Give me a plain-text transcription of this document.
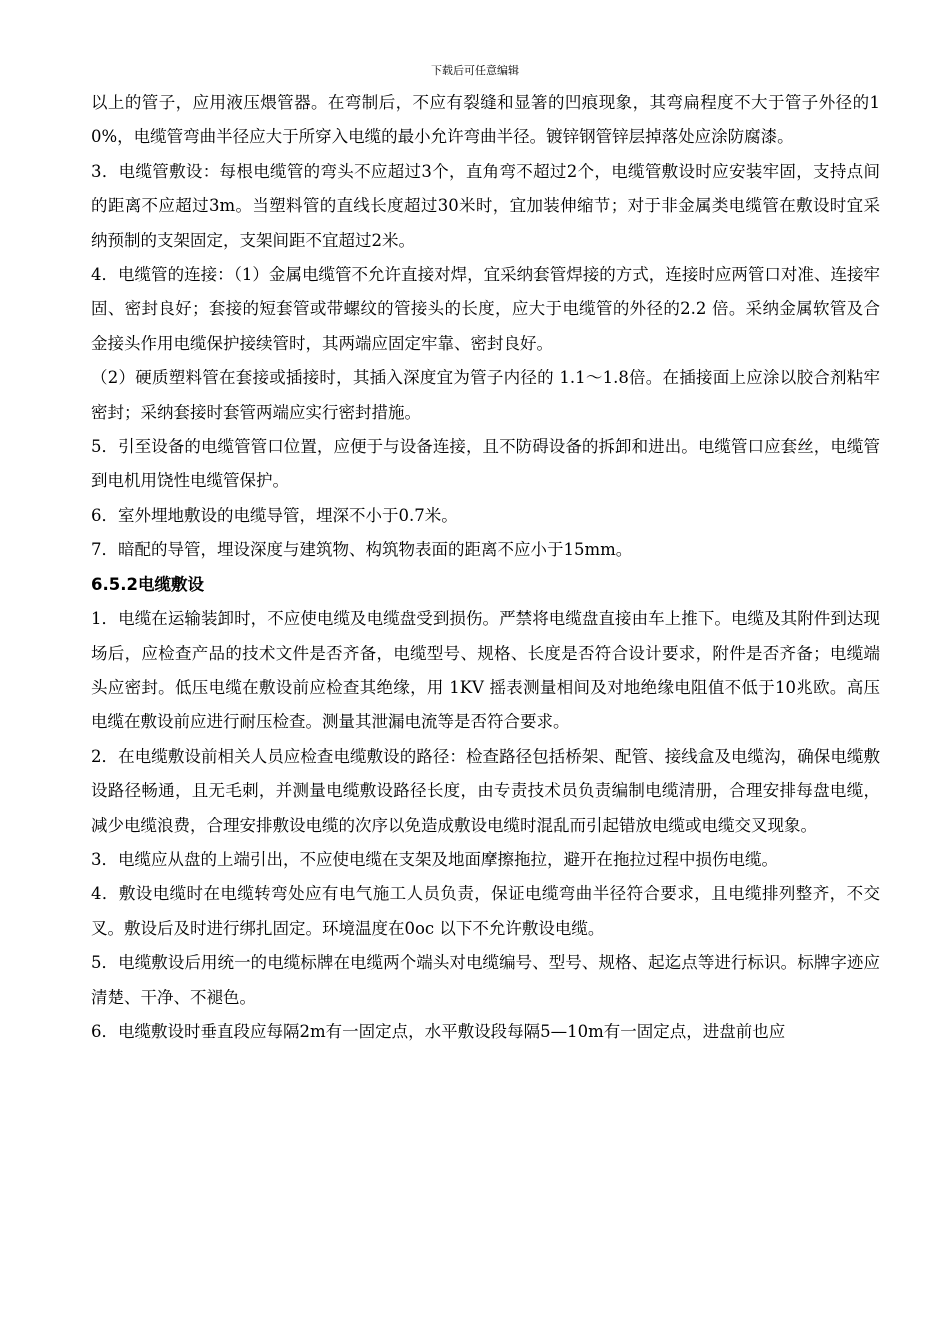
下载后可任意编辑

以上的管子，应用液压煨管器。在弯制后，不应有裂缝和显箸的凹痕现象，其弯扁程度不大于管子外径的10%，电缆管弯曲半径应大于所穿入电缆的最小允许弯曲半径。镀锌钢管锌层掉落处应涂防腐漆。

3．电缆管敷设：每根电缆管的弯头不应超过3个，直角弯不超过2个，电缆管敷设时应安装牢固，支持点间的距离不应超过3m。当塑料管的直线长度超过30米时，宜加装伸缩节；对于非金属类电缆管在敷设时宜采纳预制的支架固定，支架间距不宜超过2米。

4．电缆管的连接：（1）金属电缆管不允许直接对焊，宜采纳套管焊接的方式，连接时应两管口对准、连接牢固、密封良好；套接的短套管或带螺纹的管接头的长度，应大于电缆管的外径的2.2 倍。采纳金属软管及合金接头作用电缆保护接续管时，其两端应固定牢靠、密封良好。

（2）硬质塑料管在套接或插接时，其插入深度宜为管子内径的 1.1～1.8倍。在插接面上应涂以胶合剂粘牢密封；采纳套接时套管两端应实行密封措施。

5．引至设备的电缆管管口位置，应便于与设备连接，且不防碍设备的拆卸和进出。电缆管口应套丝，电缆管到电机用饶性电缆管保护。

6．室外埋地敷设的电缆导管，埋深不小于0.7米。

7．暗配的导管，埋设深度与建筑物、构筑物表面的距离不应小于15mm。

6.5.2电缆敷设

1．电缆在运输装卸时，不应使电缆及电缆盘受到损伤。严禁将电缆盘直接由车上推下。电缆及其附件到达现场后，应检查产品的技术文件是否齐备，电缆型号、规格、长度是否符合设计要求，附件是否齐备；电缆端头应密封。低压电缆在敷设前应检查其绝缘，用 1KV 摇表测量相间及对地绝缘电阻值不低于10兆欧。高压电缆在敷设前应进行耐压检查。测量其泄漏电流等是否符合要求。

2．在电缆敷设前相关人员应检查电缆敷设的路径：检查路径包括桥架、配管、接线盒及电缆沟，确保电缆敷设路径畅通，且无毛刺，并测量电缆敷设路径长度，由专责技术员负责编制电缆清册，合理安排每盘电缆，减少电缆浪费，合理安排敷设电缆的次序以免造成敷设电缆时混乱而引起错放电缆或电缆交叉现象。

3．电缆应从盘的上端引出，不应使电缆在支架及地面摩擦拖拉，避开在拖拉过程中损伤电缆。

4．敷设电缆时在电缆转弯处应有电气施工人员负责，保证电缆弯曲半径符合要求，且电缆排列整齐，不交叉。敷设后及时进行绑扎固定。环境温度在0oc 以下不允许敷设电缆。

5．电缆敷设后用统一的电缆标牌在电缆两个端头对电缆编号、型号、规格、起迄点等进行标识。标牌字迹应清楚、干净、不褪色。

6．电缆敷设时垂直段应每隔2m有一固定点，水平敷设段每隔5—10m有一固定点，进盘前也应
